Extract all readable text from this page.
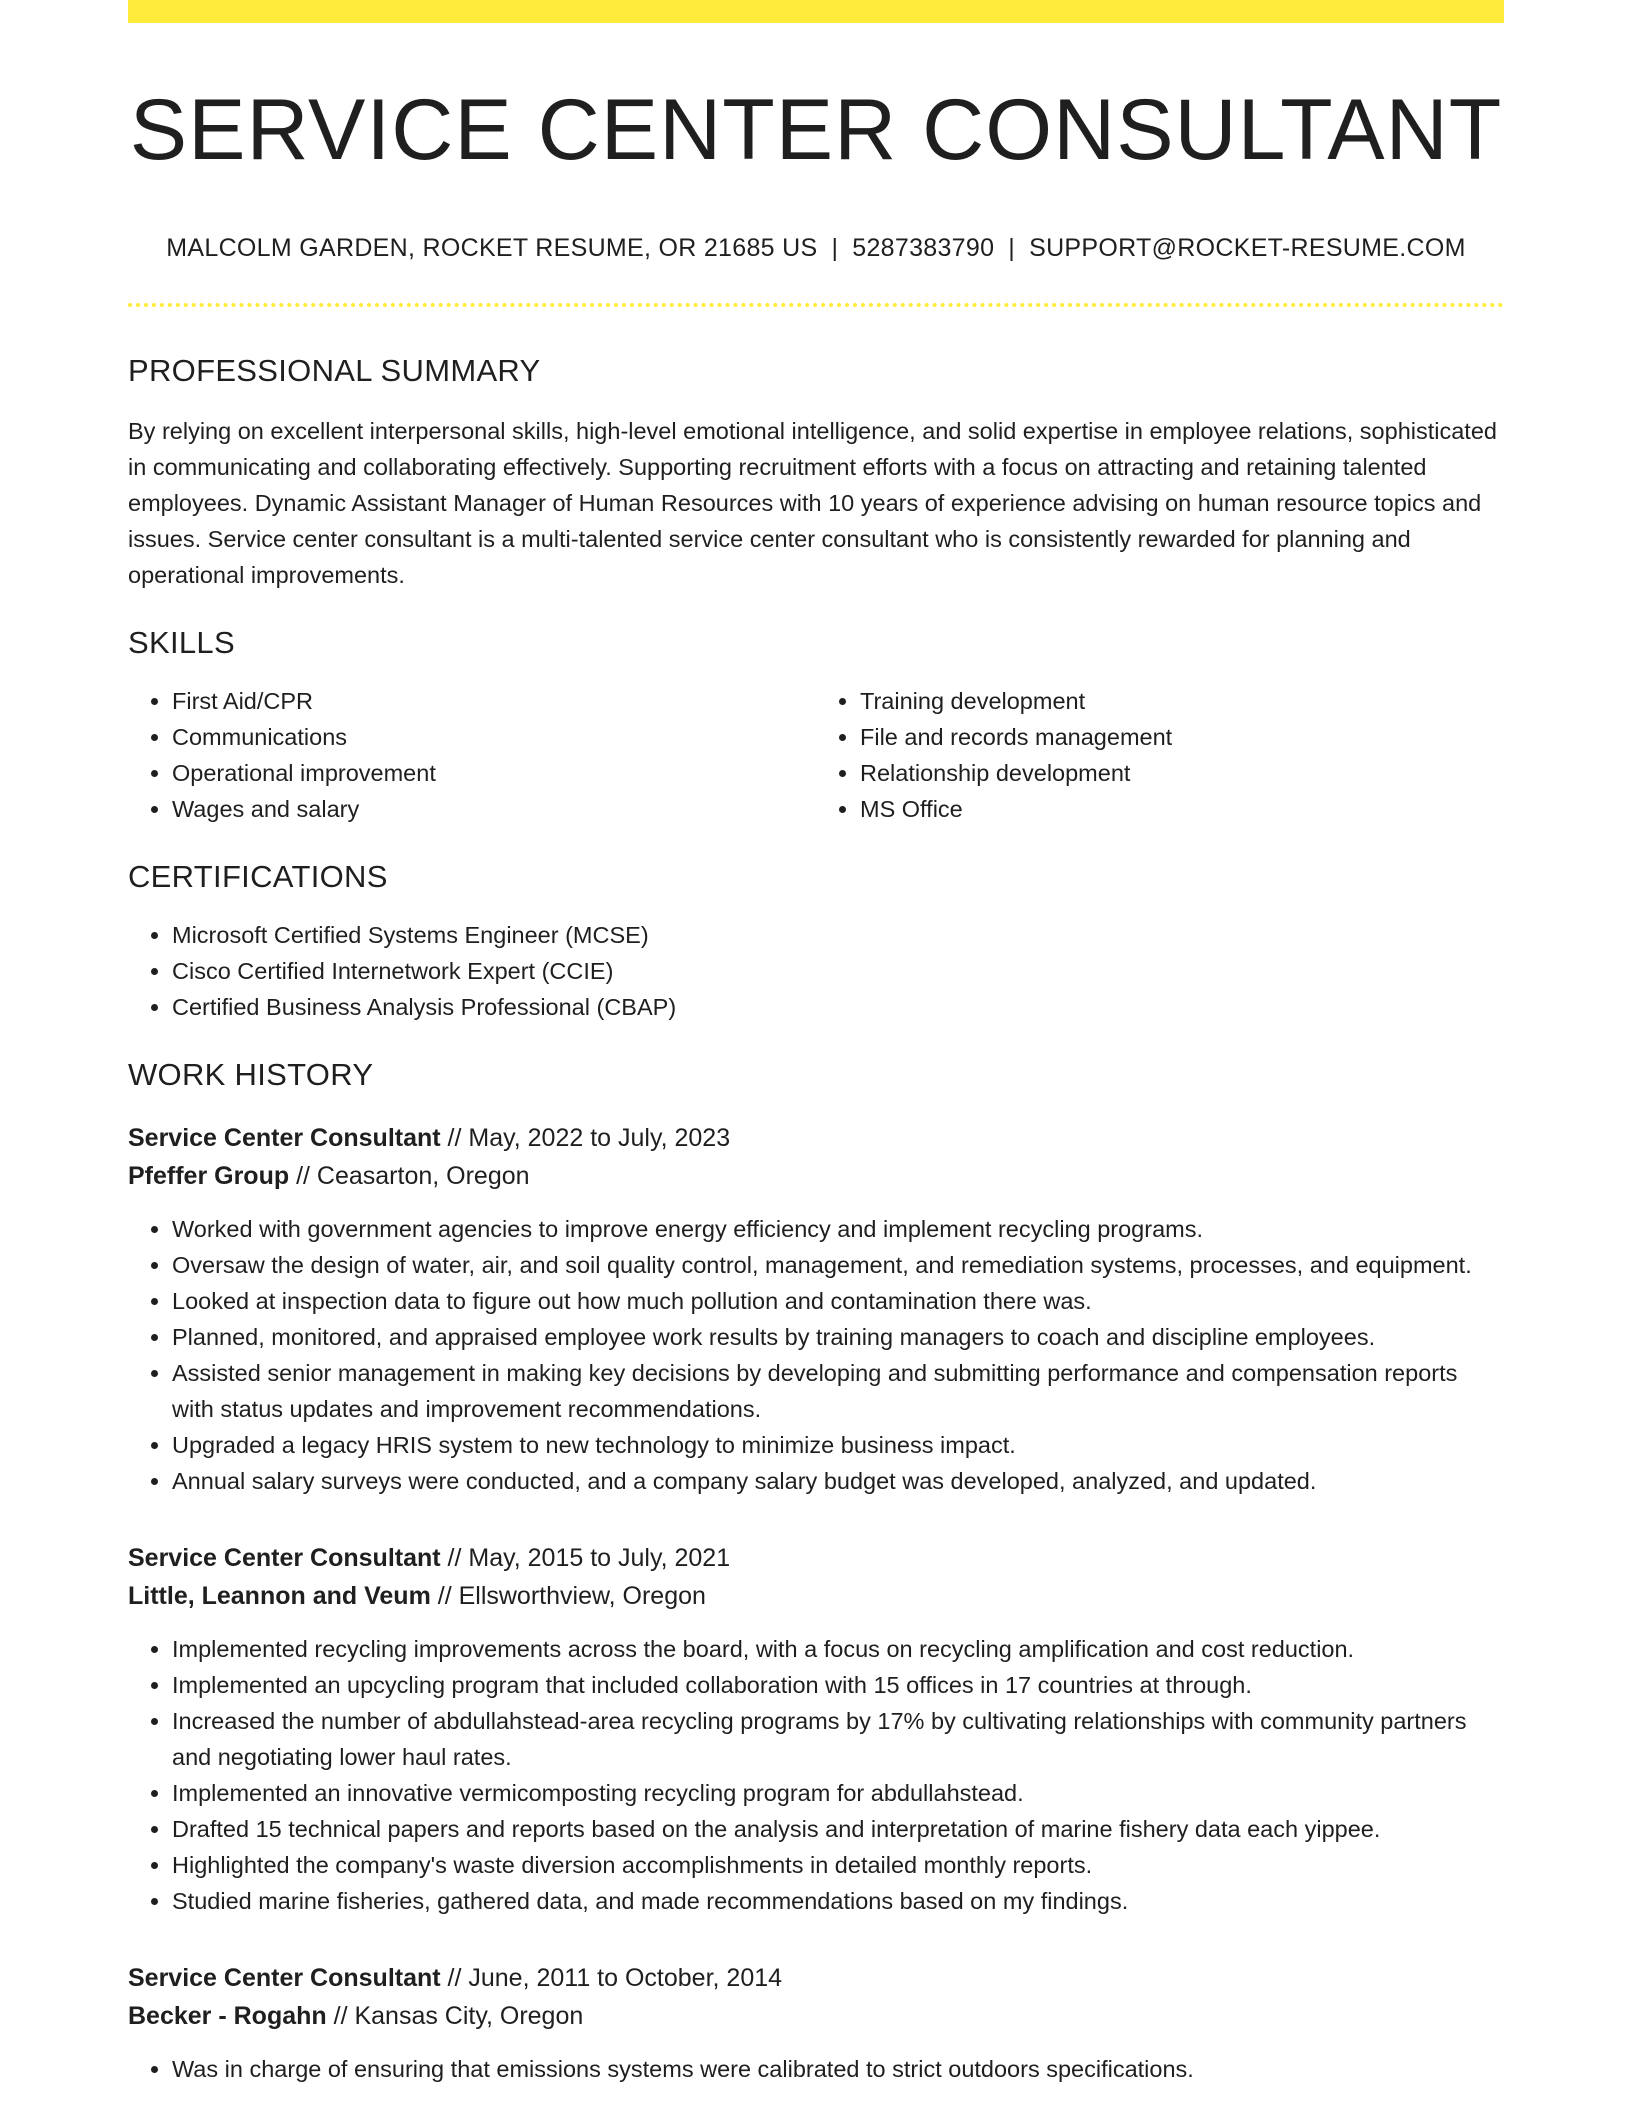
SERVICE CENTER CONSULTANT
MALCOLM GARDEN, ROCKET RESUME, OR 21685 US | 5287383790 | SUPPORT@ROCKET-RESUME.COM
PROFESSIONAL SUMMARY

By relying on excellent interpersonal skills, high-level emotional intelligence, and solid expertise in employee relations, sophisticated in communicating and collaborating effectively. Supporting recruitment efforts with a focus on attracting and retaining talented employees. Dynamic Assistant Manager of Human Resources with 10 years of experience advising on human resource topics and issues. Service center consultant is a multi-talented service center consultant who is consistently rewarded for planning and operational improvements.

SKILLS
• First Aid/CPR
• Communications
• Operational improvement
• Wages and salary
• Training development
• File and records management
• Relationship development
• MS Office
CERTIFICATIONS
• Microsoft Certified Systems Engineer (MCSE)
• Cisco Certified Internetwork Expert (CCIE)
• Certified Business Analysis Professional (CBAP)
WORK HISTORY
Service Center Consultant // May, 2022 to July, 2023
Pfeffer Group // Ceasarton, Oregon
• Worked with government agencies to improve energy efficiency and implement recycling programs.
• Oversaw the design of water, air, and soil quality control, management, and remediation systems, processes, and equipment.
• Looked at inspection data to figure out how much pollution and contamination there was.
• Planned, monitored, and appraised employee work results by training managers to coach and discipline employees.
• Assisted senior management in making key decisions by developing and submitting performance and compensation reports with status updates and improvement recommendations.
• Upgraded a legacy HRIS system to new technology to minimize business impact.
• Annual salary surveys were conducted, and a company salary budget was developed, analyzed, and updated.
Service Center Consultant // May, 2015 to July, 2021
Little, Leannon and Veum // Ellsworthview, Oregon
• Implemented recycling improvements across the board, with a focus on recycling amplification and cost reduction.
• Implemented an upcycling program that included collaboration with 15 offices in 17 countries at through.
• Increased the number of abdullahstead-area recycling programs by 17% by cultivating relationships with community partners and negotiating lower haul rates.
• Implemented an innovative vermicomposting recycling program for abdullahstead.
• Drafted 15 technical papers and reports based on the analysis and interpretation of marine fishery data each yippee.
• Highlighted the company's waste diversion accomplishments in detailed monthly reports.
• Studied marine fisheries, gathered data, and made recommendations based on my findings.
Service Center Consultant // June, 2011 to October, 2014
Becker - Rogahn // Kansas City, Oregon
• Was in charge of ensuring that emissions systems were calibrated to strict outdoors specifications.
